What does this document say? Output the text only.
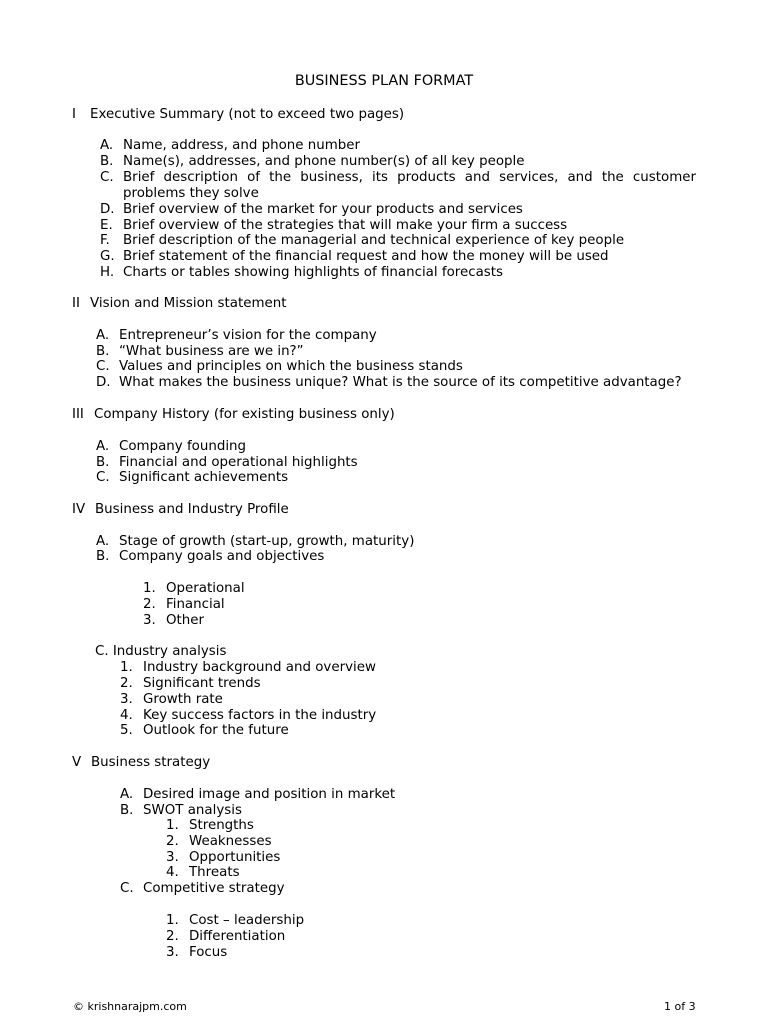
BUSINESS PLAN FORMAT
I Executive Summary (not to exceed two pages)
A. Name, address, and phone number
B. Name(s), addresses, and phone number(s) of all key people
C. Brief description of the business, its products and services, and the customer problems they solve
D. Brief overview of the market for your products and services
E. Brief overview of the strategies that will make your firm a success
F. Brief description of the managerial and technical experience of key people
G. Brief statement of the financial request and how the money will be used
H. Charts or tables showing highlights of financial forecasts
II Vision and Mission statement
A. Entrepreneur’s vision for the company
B. “What business are we in?”
C. Values and principles on which the business stands
D. What makes the business unique? What is the source of its competitive advantage?
III Company History (for existing business only)
A. Company founding
B. Financial and operational highlights
C. Significant achievements
IV Business and Industry Profile
A. Stage of growth (start-up, growth, maturity)
B. Company goals and objectives
1. Operational
2. Financial
3. Other
C. Industry analysis
1. Industry background and overview
2. Significant trends
3. Growth rate
4. Key success factors in the industry
5. Outlook for the future
V Business strategy
A. Desired image and position in market
B. SWOT analysis
1. Strengths
2. Weaknesses
3. Opportunities
4. Threats
C. Competitive strategy
1. Cost – leadership
2. Differentiation
3. Focus
© krishnarajpm.com	1 of 3
